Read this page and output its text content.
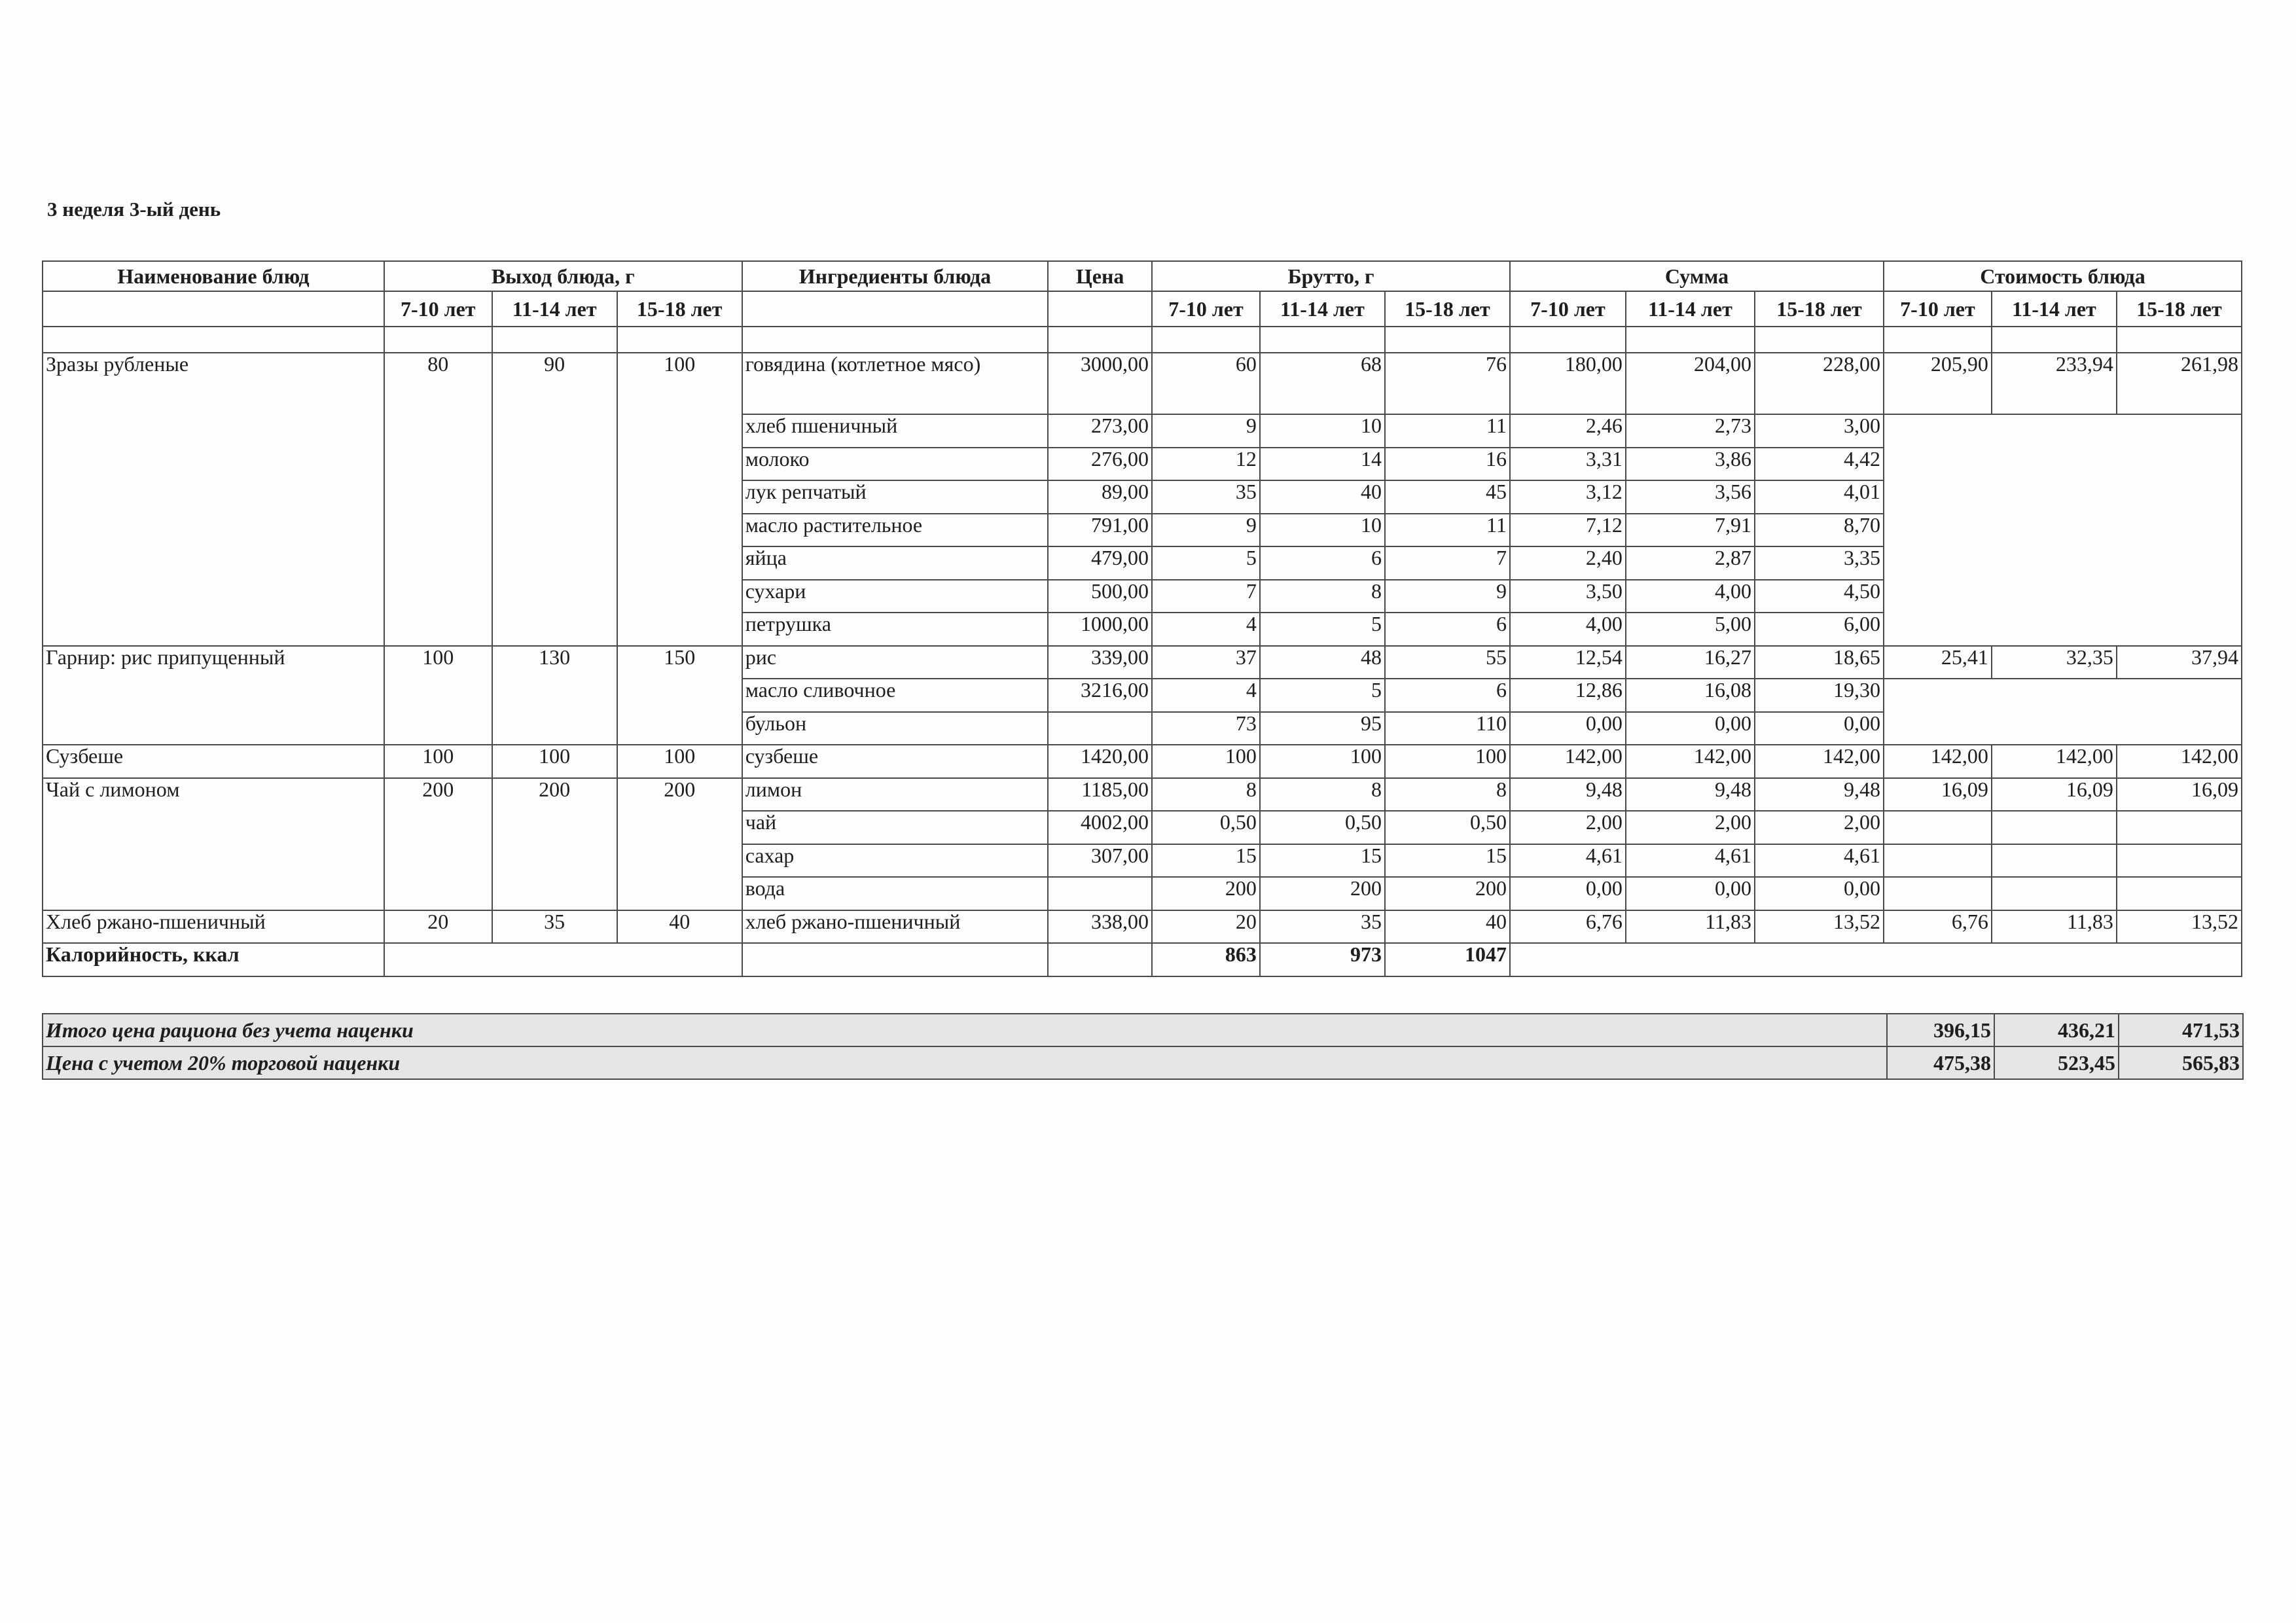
3 неделя 3-ый день
Наименование блюд	Выход блюда, г			Ингредиенты блюда	Цена	Брутто, г			Сумма			Стоимость блюда		
	7-10 лет	11-14 лет	15-18 лет			7-10 лет	11-14 лет	15-18 лет	7-10 лет	11-14 лет	15-18 лет	7-10 лет	11-14 лет	15-18 лет

Зразы рубленые	80	90	100	говядина (котлетное мясо)	3000,00	60	68	76	180,00	204,00	228,00	205,90	233,94	261,98
				хлеб пшеничный	273,00	9	10	11	2,46	2,73	3,00			
				молоко	276,00	12	14	16	3,31	3,86	4,42			
				лук репчатый	89,00	35	40	45	3,12	3,56	4,01			
				масло растительное	791,00	9	10	11	7,12	7,91	8,70			
				яйца	479,00	5	6	7	2,40	2,87	3,35			
				сухари	500,00	7	8	9	3,50	4,00	4,50			
				петрушка	1000,00	4	5	6	4,00	5,00	6,00			
Гарнир: рис припущенный	100	130	150	рис	339,00	37	48	55	12,54	16,27	18,65	25,41	32,35	37,94
				масло сливочное	3216,00	4	5	6	12,86	16,08	19,30			
				бульон		73	95	110	0,00	0,00	0,00			
Сузбеше	100	100	100	сузбеше	1420,00	100	100	100	142,00	142,00	142,00	142,00	142,00	142,00
Чай с лимоном	200	200	200	лимон	1185,00	8	8	8	9,48	9,48	9,48	16,09	16,09	16,09
				чай	4002,00	0,50	0,50	0,50	2,00	2,00	2,00			
				сахар	307,00	15	15	15	4,61	4,61	4,61			
				вода		200	200	200	0,00	0,00	0,00			
Хлеб ржано-пшеничный	20	35	40	хлеб ржано-пшеничный	338,00	20	35	40	6,76	11,83	13,52	6,76	11,83	13,52
Калорийность, ккал						863	973	1047						
Итого цена рациона без учета наценки	396,15	436,21	471,53
Цена с учетом 20% торговой наценки	475,38	523,45	565,83
